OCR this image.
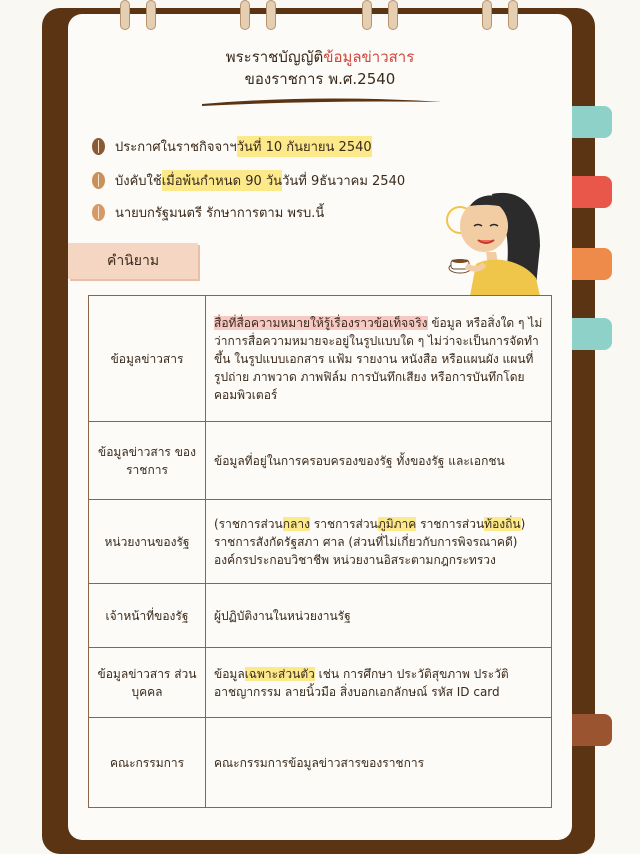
พระราชบัญญัติข้อมูลข่าวสาร
ของราชการ พ.ศ.2540
ประกาศในราชกิจจาฯ วันที่ 10 กันยายน 2540
บังคับใช้ เมื่อพ้นกำหนด 90 วัน วันที่ 9ธันวาคม 2540
นายบกรัฐมนตรี รักษาการตาม พรบ.นี้
คำนิยาม
ข้อมูลข่าวสาร	สื่อที่สื่อความหมายให้รู้เรื่องราวข้อเท็จจริง ข้อมูล หรือสิ่งใด ๆ ไม่ว่าการสื่อความหมายจะอยู่ในรูปแบบใด ๆ ไม่ว่าจะเป็นการจัดทำขึ้น ในรูปแบบเอกสาร แฟ้ม รายงาน หนังสือ หรือแผนผัง แผนที่ รูปถ่าย ภาพวาด ภาพฟิล์ม การบันทึกเสียง หรือการบันทึกโดยคอมพิวเตอร์
ข้อมูลข่าวสาร ของราชการ	ข้อมูลที่อยู่ในการครอบครองของรัฐ ทั้งของรัฐ และเอกชน
หน่วยงานของรัฐ	(ราชการส่วนกลาง ราชการส่วนภูมิภาค ราชการส่วนท้องถิ่น)
ราชการสังกัดรัฐสภา ศาล (ส่วนที่ไม่เกี่ยวกับการพิจรณาคดี)
องค์กรประกอบวิชาชีพ หน่วยงานอิสระตามกฎกระทรวง

เจ้าหน้าที่ของรัฐ	ผู้ปฏิบัติงานในหน่วยงานรัฐ
ข้อมูลข่าวสาร ส่วนบุคคล	ข้อมูลเฉพาะส่วนตัว เช่น การศึกษา ประวัติสุขภาพ ประวัติอาชญากรรม ลายนิ้วมือ สิ่งบอกเอกลักษณ์ รหัส ID card
คณะกรรมการ	คณะกรรมการข้อมูลข่าวสารของราชการ
